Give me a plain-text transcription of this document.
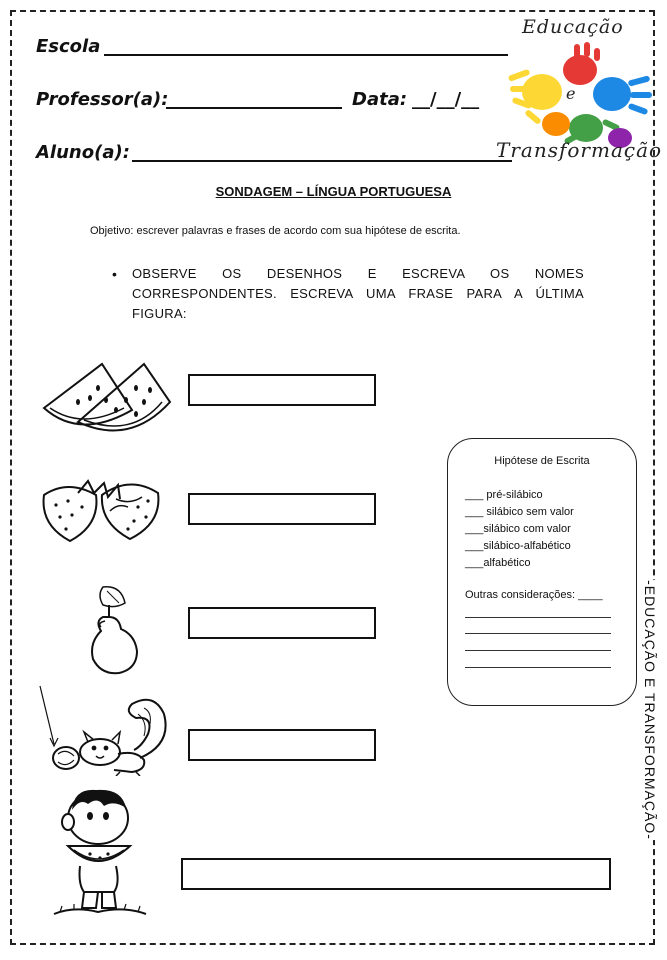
Escola
Professor(a):	Data: __/__/__
Aluno(a):
Educação
e
Transformação
SONDAGEM – LÍNGUA PORTUGUESA
Objetivo: escrever palavras e frases de acordo com sua hipótese de escrita.
• OBSERVE OS DESENHOS E ESCREVA OS NOMES CORRESPONDENTES. ESCREVA UMA FRASE PARA A ÚLTIMA FIGURA:
Hipótese de Escrita
___ pré-silábico
___ silábico sem valor
___silábico com valor
___silábico-alfabético
___alfabético
Outras considerações: ____	-EDUCAÇÃO E TRANSFORMAÇÃO-
